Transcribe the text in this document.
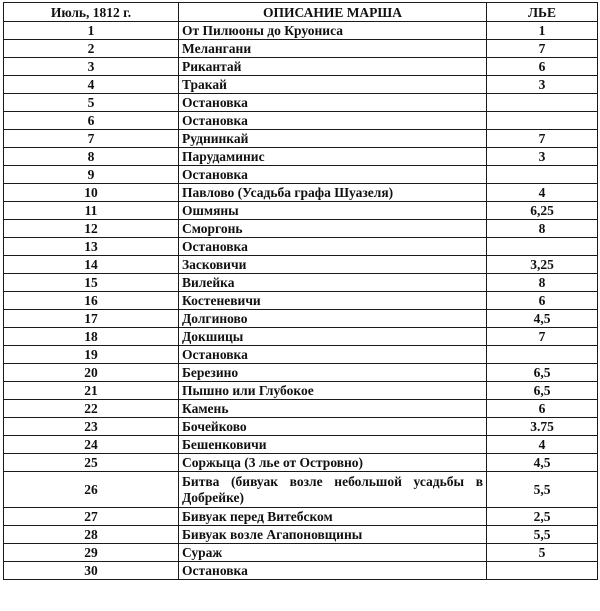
Июль, 1812 г.	ОПИСАНИЕ МАРША	ЛЬЕ
1	От Пилюоны до Круониса	1
2	Мелангани	7
3	Рикантай	6
4	Тракай	3
5	Остановка	
6	Остановка	
7	Руднинкай	7
8	Парудаминис	3
9	Остановка	
10	Павлово (Усадьба графа Шуазеля)	4
11	Ошмяны	6,25
12	Сморгонь	8
13	Остановка	
14	Засковичи	3,25
15	Вилейка	8
16	Костеневичи	6
17	Долгиново	4,5
18	Докшицы	7
19	Остановка	
20	Березино	6,5
21	Пышно или Глубокое	6,5
22	Камень	6
23	Бочейково	3.75
24	Бешенковичи	4
25	Соржыца (3 лье от Островно)	4,5
26	Битва (бивуак возле небольшой усадьбы в Добрейке)	5,5
27	Бивуак перед Витебском	2,5
28	Бивуак возле Агапоновщины	5,5
29	Сураж	5
30	Остановка	
